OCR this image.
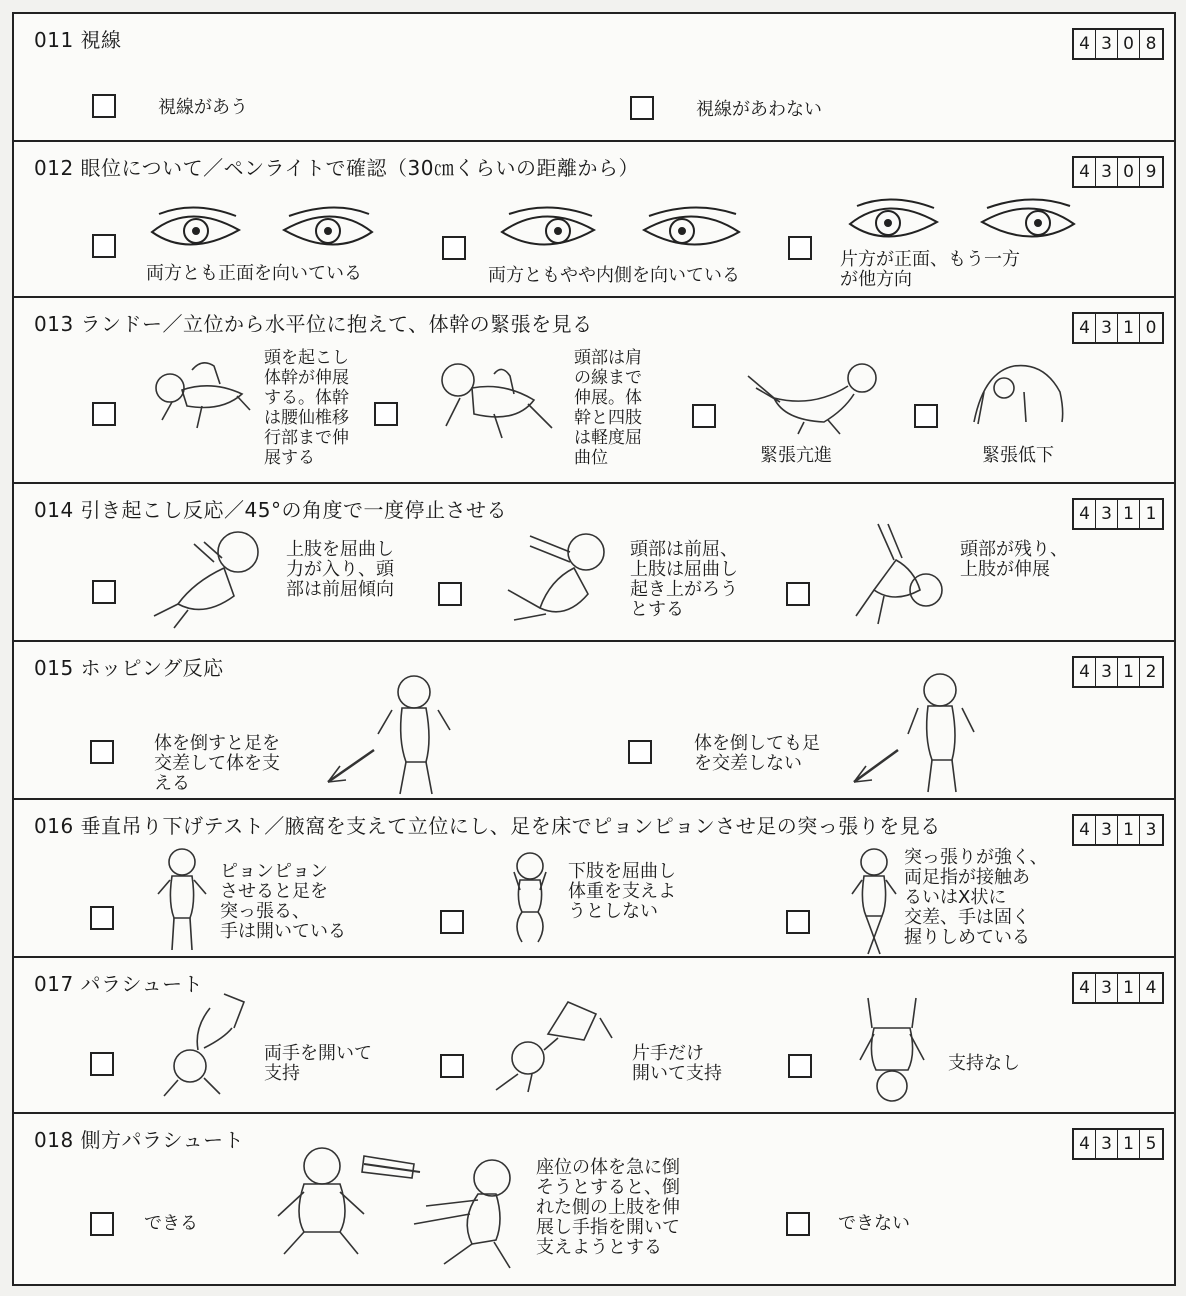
011 視線	4 3 0 8
視線があう	視線があわない
012 眼位について／ペンライトで確認（30㎝くらいの距離から）	4 3 0 9
両方とも正面を向いている	両方ともやや内側を向いている
片方が正面、もう一方
が他方向
013 ランドー／立位から水平位に抱えて、体幹の緊張を見る	4 3 1 0
頭を起こし
体幹が伸展
する。体幹
は腰仙椎移
行部まで伸
展する
頭部は肩
の線まで
伸展。体
幹と四肢
は軽度屈
曲位	緊張亢進	緊張低下
014 引き起こし反応／45°の角度で一度停止させる	4 3 1 1
上肢を屈曲し
力が入り、頭
部は前屈傾向
頭部は前屈、
上肢は屈曲し
起き上がろう
とする
頭部が残り、
上肢が伸展
015 ホッピング反応	4 3 1 2
体を倒すと足を
交差して体を支
える
体を倒しても足
を交差しない
016 垂直吊り下げテスト／腋窩を支えて立位にし、足を床でピョンピョンさせ足の突っ張りを見る	4 3 1 3
ピョンピョン
させると足を
突っ張る、
手は開いている
下肢を屈曲し
体重を支えよ
うとしない
突っ張りが強く、
両足指が接触あ
るいはX状に
交差、手は固く
握りしめている
017 パラシュート	4 3 1 4
両手を開いて
支持
片手だけ
開いて支持	支持なし
018 側方パラシュート	4 3 1 5
できる
座位の体を急に倒
そうとすると、倒
れた側の上肢を伸
展し手指を開いて
支えようとする
できない
